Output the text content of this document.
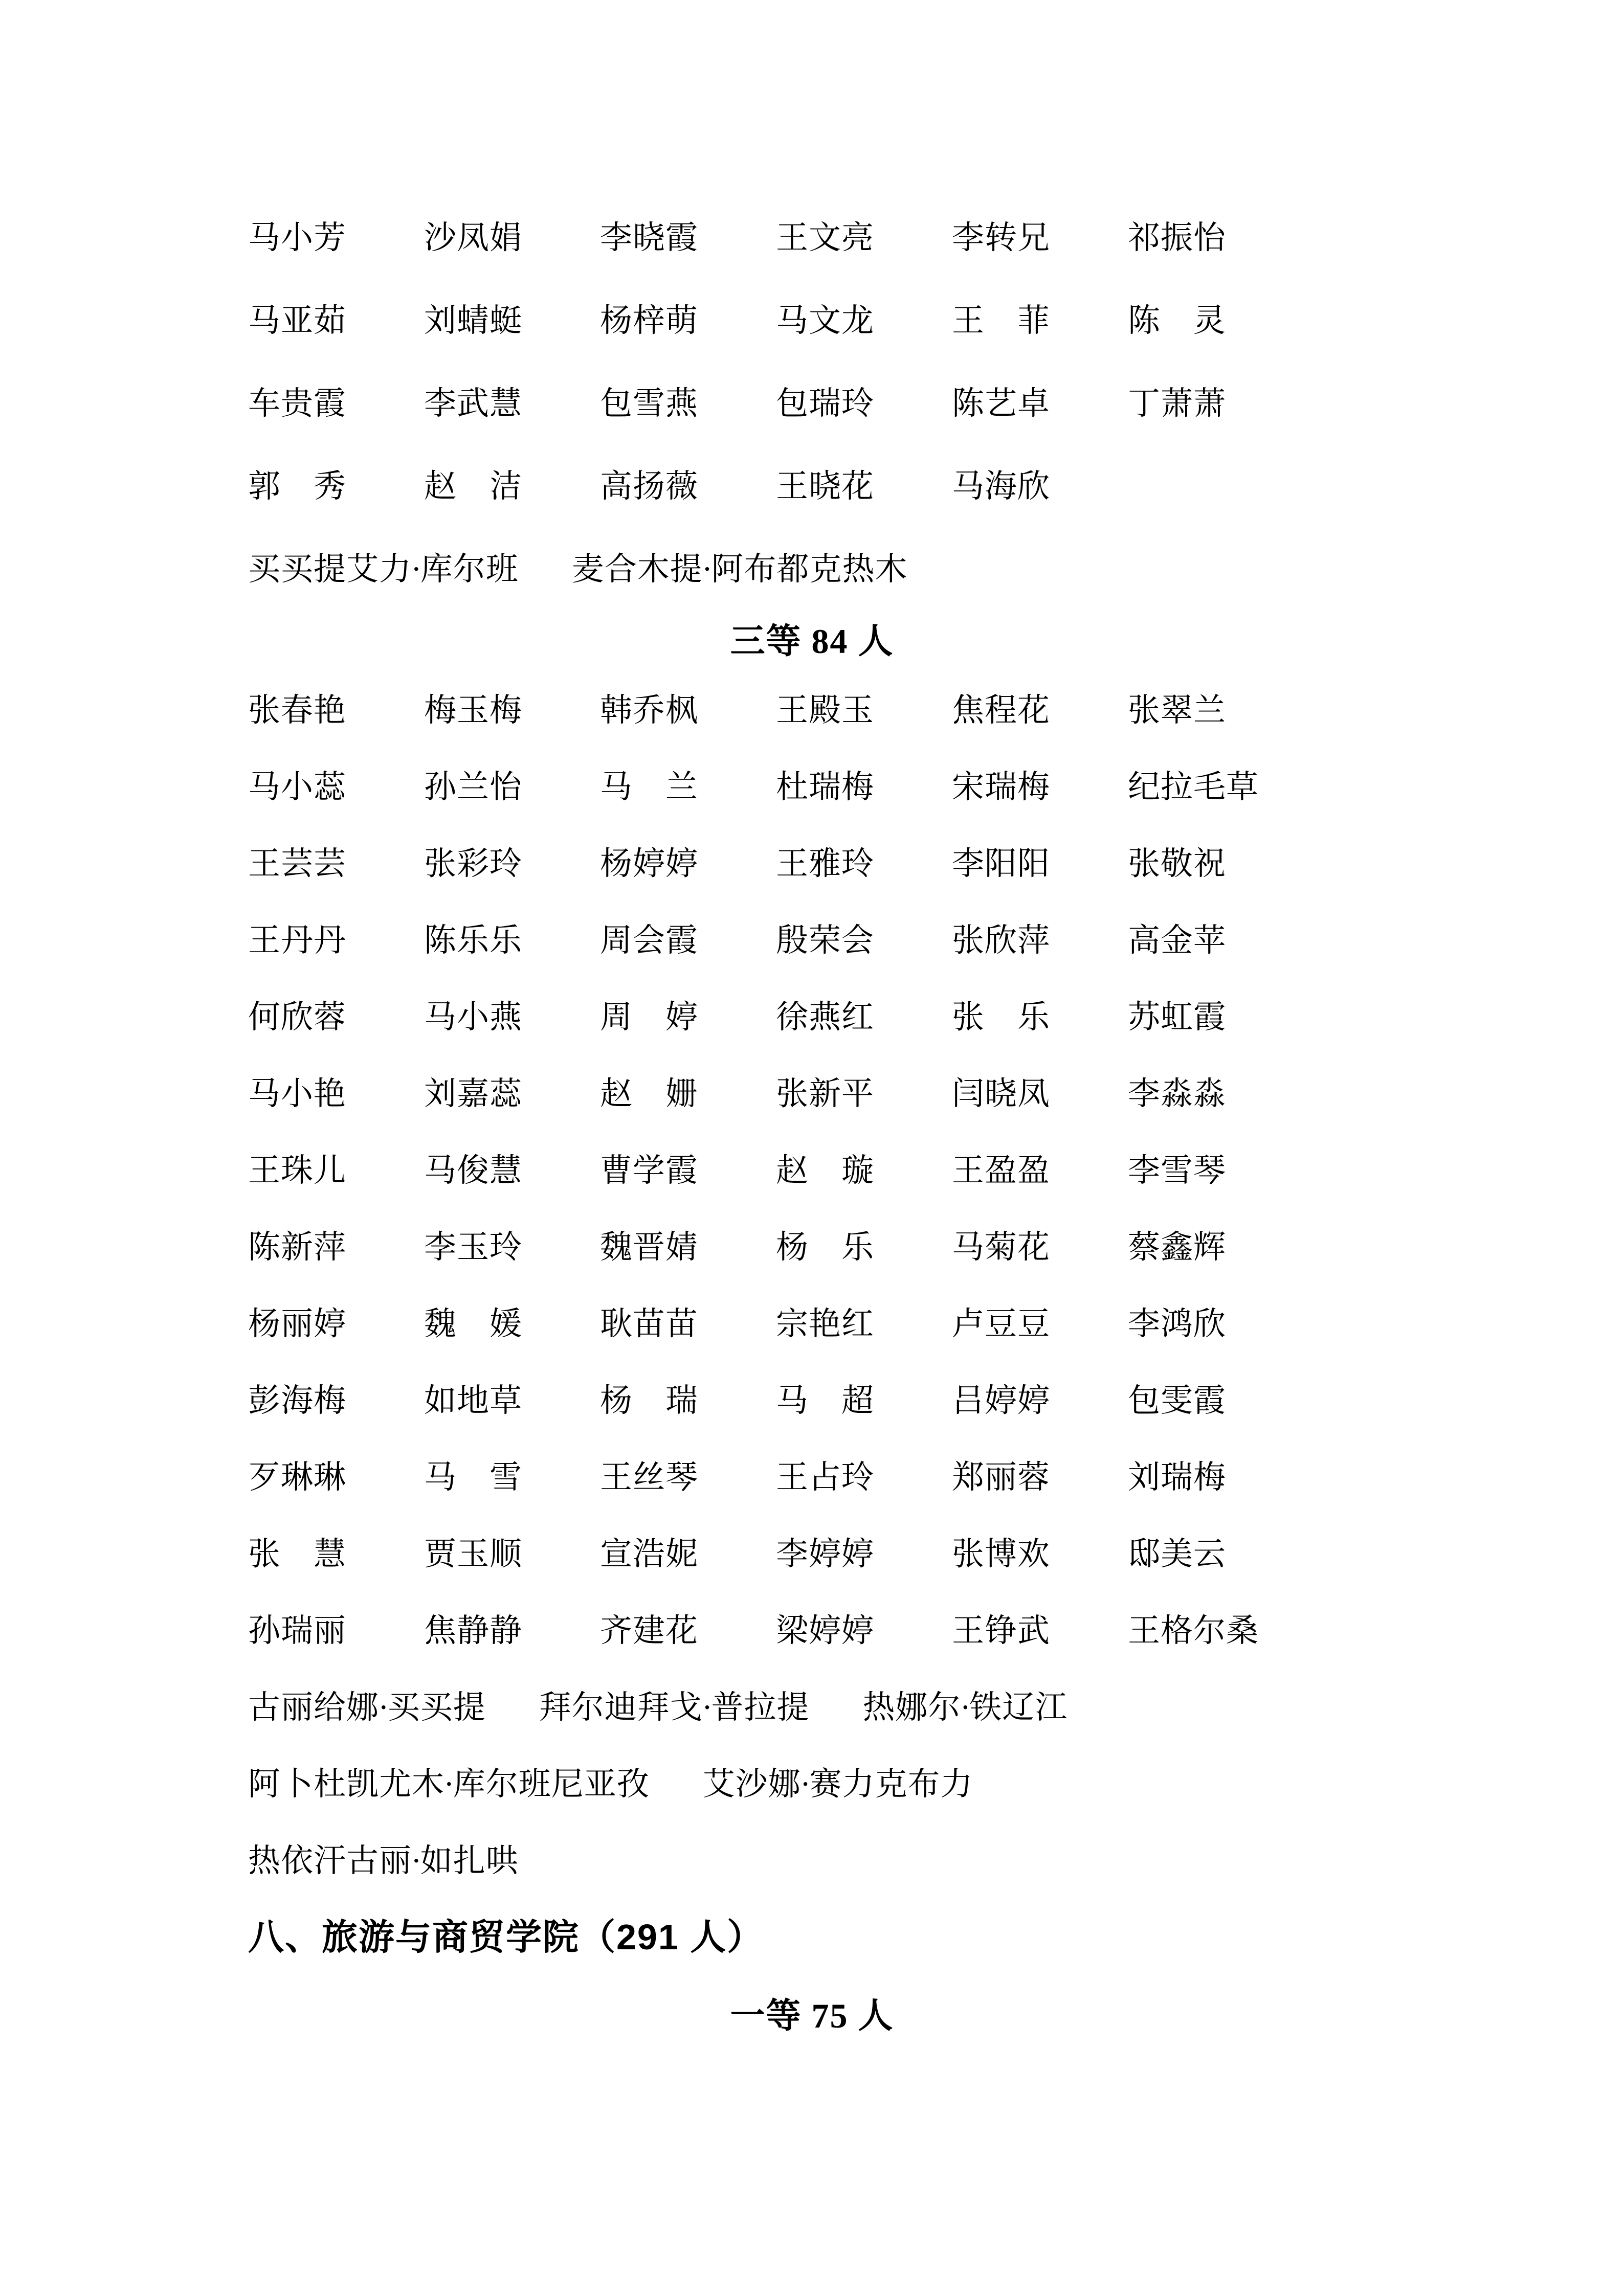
马小芳	沙凤娟	李晓霞	王文亮	李转兄	祁振怡
马亚茹	刘蜻蜓	杨梓萌	马文龙	王　菲	陈　灵
车贵霞	李武慧	包雪燕	包瑞玲	陈艺卓	丁萧萧
郭　秀	赵　洁	高扬薇	王晓花	马海欣
买买提艾力·库尔班 麦合木提·阿布都克热木
三等 84 人
张春艳	梅玉梅	韩乔枫	王殿玉	焦程花	张翠兰
马小蕊	孙兰怡	马　兰	杜瑞梅	宋瑞梅	纪拉毛草
王芸芸	张彩玲	杨婷婷	王雅玲	李阳阳	张敬祝
王丹丹	陈乐乐	周会霞	殷荣会	张欣萍	高金苹
何欣蓉	马小燕	周　婷	徐燕红	张　乐	苏虹霞
马小艳	刘嘉蕊	赵　姗	张新平	闫晓凤	李淼淼
王珠儿	马俊慧	曹学霞	赵　璇	王盈盈	李雪琴
陈新萍	李玉玲	魏晋婧	杨　乐	马菊花	蔡鑫辉
杨丽婷	魏　媛	耿苗苗	宗艳红	卢豆豆	李鸿欣
彭海梅	如地草	杨　瑞	马　超	吕婷婷	包雯霞
歹琳琳	马　雪	王丝琴	王占玲	郑丽蓉	刘瑞梅
张　慧	贾玉顺	宣浩妮	李婷婷	张博欢	邸美云
孙瑞丽	焦静静	齐建花	梁婷婷	王铮武	王格尔桑
古丽给娜·买买提 拜尔迪拜戈·普拉提 热娜尔·铁辽江
阿卜杜凯尤木·库尔班尼亚孜 艾沙娜·赛力克布力
热依汗古丽·如扎哄
八、旅游与商贸学院（291 人）
一等 75 人
